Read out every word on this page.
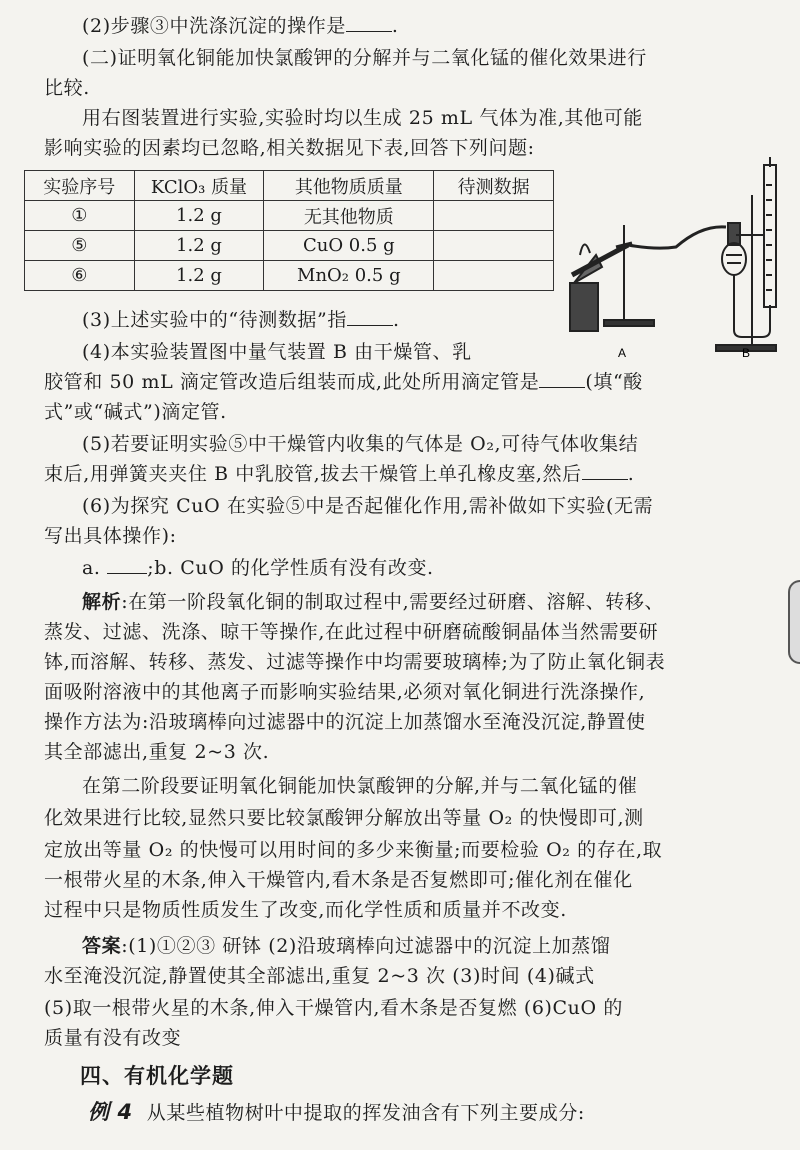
(2)步骤③中洗涤沉淀的操作是 .
(二)证明氧化铜能加快氯酸钾的分解并与二氧化锰的催化效果进行
比较.
用右图装置进行实验,实验时均以生成 25 mL 气体为准,其他可能
影响实验的因素均已忽略,相关数据见下表,回答下列问题:
实验序号	KClO₃ 质量	其他物质质量	待测数据
①	1.2 g	无其他物质	
⑤	1.2 g	CuO 0.5 g	
⑥	1.2 g	MnO₂ 0.5 g	
A	B
(3)上述实验中的“待测数据”指 .
(4)本实验装置图中量气装置 B 由干燥管、乳
胶管和 50 mL 滴定管改造后组装而成,此处所用滴定管是 (填“酸
式”或“碱式”)滴定管.
(5)若要证明实验⑤中干燥管内收集的气体是 O₂,可待气体收集结
束后,用弹簧夹夹住 B 中乳胶管,拔去干燥管上单孔橡皮塞,然后 .
(6)为探究 CuO 在实验⑤中是否起催化作用,需补做如下实验(无需
写出具体操作):
a. ;b. CuO 的化学性质有没有改变.
解析:在第一阶段氧化铜的制取过程中,需要经过研磨、溶解、转移、
蒸发、过滤、洗涤、晾干等操作,在此过程中研磨硫酸铜晶体当然需要研
钵,而溶解、转移、蒸发、过滤等操作中均需要玻璃棒;为了防止氧化铜表
面吸附溶液中的其他离子而影响实验结果,必须对氧化铜进行洗涤操作,
操作方法为:沿玻璃棒向过滤器中的沉淀上加蒸馏水至淹没沉淀,静置使
其全部滤出,重复 2~3 次.
在第二阶段要证明氧化铜能加快氯酸钾的分解,并与二氧化锰的催
化效果进行比较,显然只要比较氯酸钾分解放出等量 O₂ 的快慢即可,测
定放出等量 O₂ 的快慢可以用时间的多少来衡量;而要检验 O₂ 的存在,取
一根带火星的木条,伸入干燥管内,看木条是否复燃即可;催化剂在催化
过程中只是物质性质发生了改变,而化学性质和质量并不改变.
答案:(1)①②③ 研钵 (2)沿玻璃棒向过滤器中的沉淀上加蒸馏
水至淹没沉淀,静置使其全部滤出,重复 2~3 次 (3)时间 (4)碱式
(5)取一根带火星的木条,伸入干燥管内,看木条是否复燃 (6)CuO 的
质量有没有改变
四、有机化学题
例 4 从某些植物树叶中提取的挥发油含有下列主要成分:
